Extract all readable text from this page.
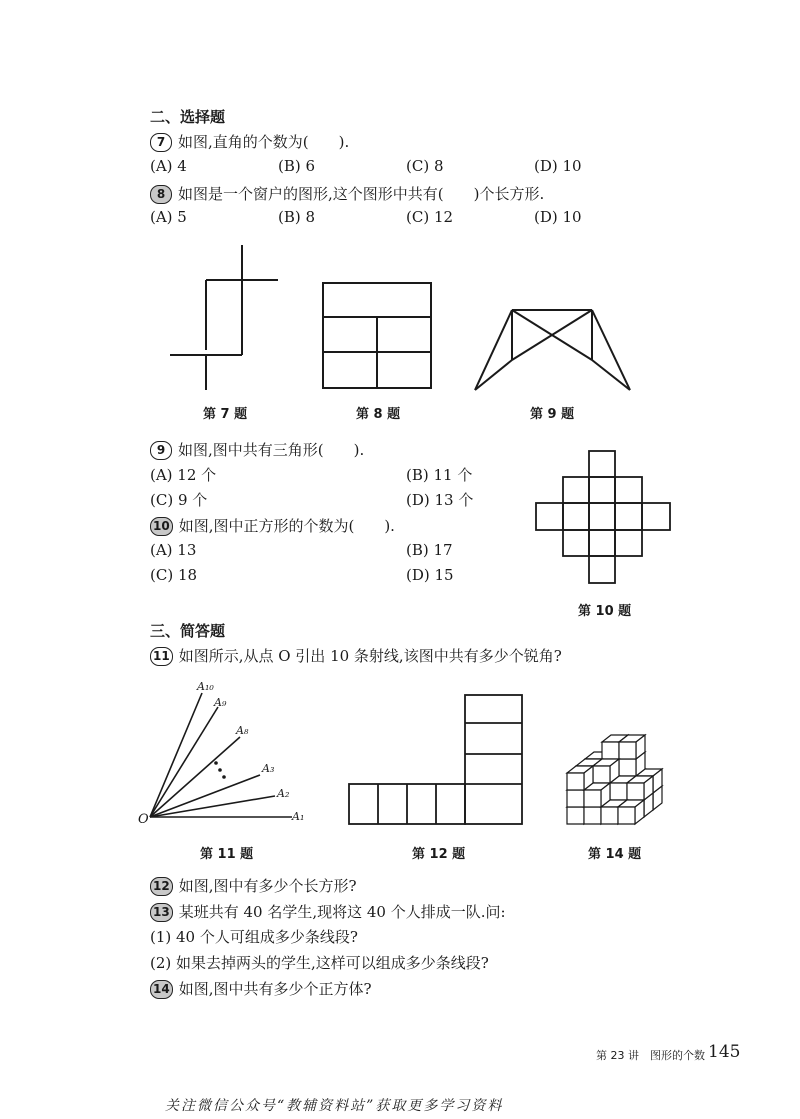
二、选择题
7 如图,直角的个数为(　　).
(A) 4	(B) 6	(C) 8	(D) 10
8 如图是一个窗户的图形,这个图形中共有(　　)个长方形.
(A) 5	(B) 8	(C) 12	(D) 10
第 7 题	第 8 题	第 9 题
9 如图,图中共有三角形(　　).
(A) 12 个	(B) 11 个
(C) 9 个	(D) 13 个
10 如图,图中正方形的个数为(　　).
(A) 13	(B) 17
(C) 18	(D) 15
第 10 题
三、简答题
11 如图所示,从点 O 引出 10 条射线,该图中共有多少个锐角?
O
A₁₀
A₉
A₈
A₃
A₂
A₁
第 11 题	第 12 题	第 14 题
12 如图,图中有多少个长方形?
13 某班共有 40 名学生,现将这 40 个人排成一队.问:
(1) 40 个人可组成多少条线段?
(2) 如果去掉两头的学生,这样可以组成多少条线段?
14 如图,图中共有多少个正方体?
第 23 讲　图形的个数 145
关注微信公众号“教辅资料站”获取更多学习资料
